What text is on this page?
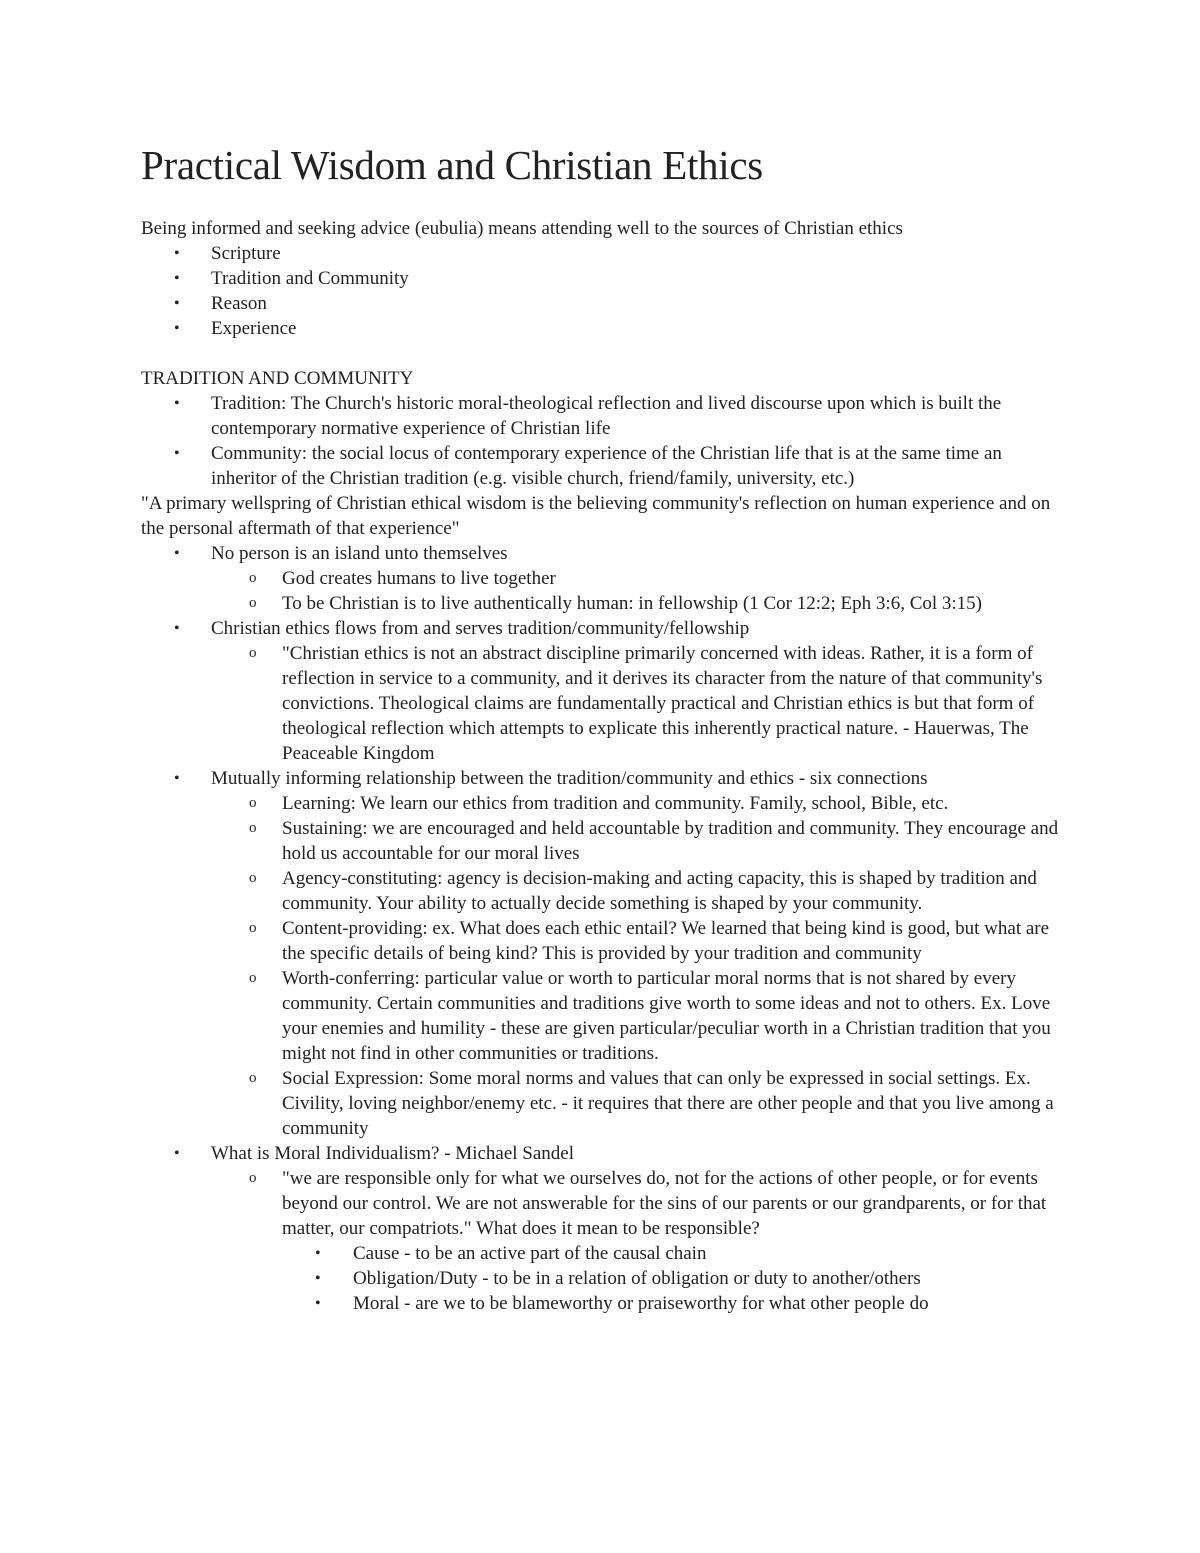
Practical Wisdom and Christian Ethics

Being informed and seeking advice (eubulia) means attending well to the sources of Christian ethics

• Scripture
• Tradition and Community
• Reason
• Experience

TRADITION AND COMMUNITY

• Tradition: The Church's historic moral-theological reflection and lived discourse upon which is built the contemporary normative experience of Christian life
• Community: the social locus of contemporary experience of the Christian life that is at the same time an inheritor of the Christian tradition (e.g. visible church, friend/family, university, etc.)

"A primary wellspring of Christian ethical wisdom is the believing community's reflection on human experience and on the personal aftermath of that experience"

• No person is an island unto themselves
o God creates humans to live together
o To be Christian is to live authentically human: in fellowship (1 Cor 12:2; Eph 3:6, Col 3:15)
• Christian ethics flows from and serves tradition/community/fellowship
o "Christian ethics is not an abstract discipline primarily concerned with ideas. Rather, it is a form of reflection in service to a community, and it derives its character from the nature of that community's convictions. Theological claims are fundamentally practical and Christian ethics is but that form of theological reflection which attempts to explicate this inherently practical nature. - Hauerwas, The Peaceable Kingdom
• Mutually informing relationship between the tradition/community and ethics - six connections
o Learning: We learn our ethics from tradition and community. Family, school, Bible, etc.
o Sustaining: we are encouraged and held accountable by tradition and community. They encourage and hold us accountable for our moral lives
o Agency-constituting: agency is decision-making and acting capacity, this is shaped by tradition and community. Your ability to actually decide something is shaped by your community.
o Content-providing: ex. What does each ethic entail? We learned that being kind is good, but what are the specific details of being kind? This is provided by your tradition and community
o Worth-conferring: particular value or worth to particular moral norms that is not shared by every community. Certain communities and traditions give worth to some ideas and not to others. Ex. Love your enemies and humility - these are given particular/peculiar worth in a Christian tradition that you might not find in other communities or traditions.
o Social Expression: Some moral norms and values that can only be expressed in social settings. Ex. Civility, loving neighbor/enemy etc. - it requires that there are other people and that you live among a community
• What is Moral Individualism? - Michael Sandel
o "we are responsible only for what we ourselves do, not for the actions of other people, or for events beyond our control. We are not answerable for the sins of our parents or our grandparents, or for that matter, our compatriots." What does it mean to be responsible?
• Cause - to be an active part of the causal chain
• Obligation/Duty - to be in a relation of obligation or duty to another/others
• Moral - are we to be blameworthy or praiseworthy for what other people do
